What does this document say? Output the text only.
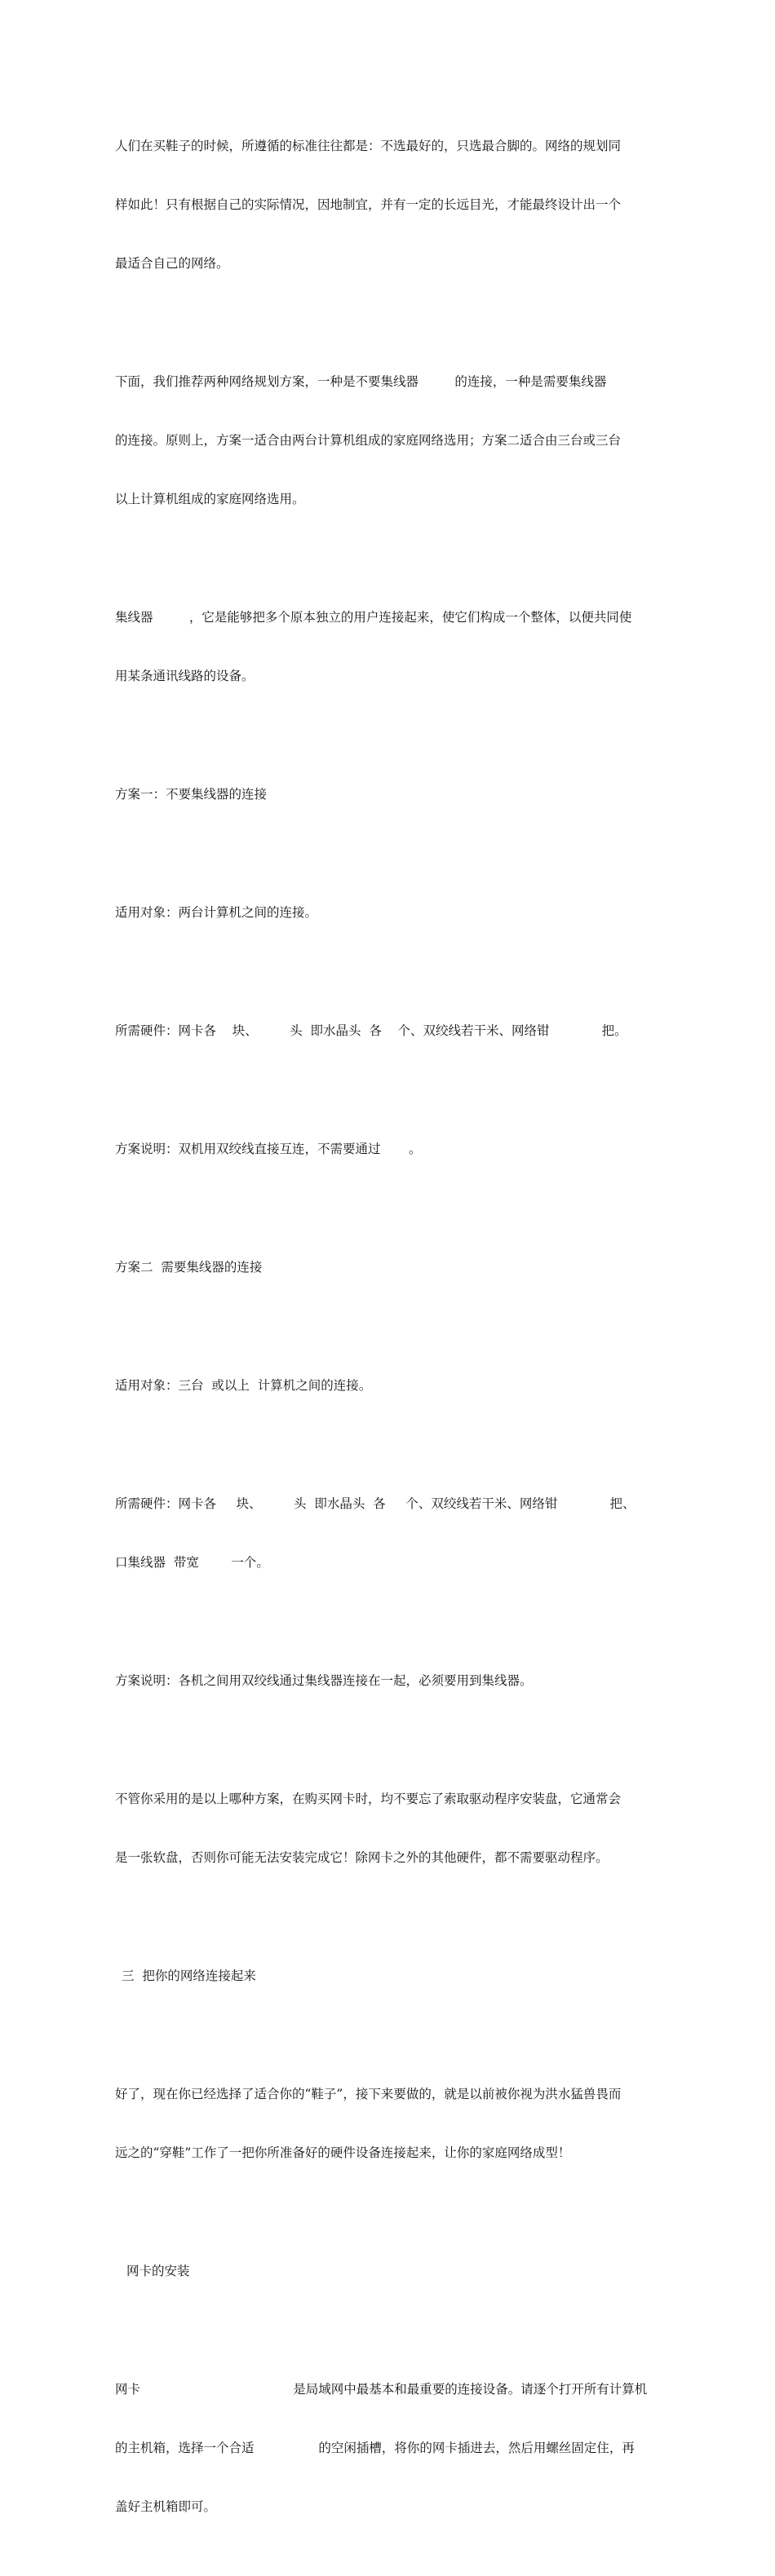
人们在买鞋子的时候，所遵循的标准往往都是：不选最好的，只选最合脚的。网络的规划同

样如此！只有根据自己的实际情况，因地制宜，并有一定的长远目光，才能最终设计出一个

最适合自己的网络。

下面，我们推荐两种网络规划方案，一种是不要集线器         的连接，一种是需要集线器

的连接。原则上，方案一适合由两台计算机组成的家庭网络选用；方案二适合由三台或三台

以上计算机组成的家庭网络选用。

集线器         ，它是能够把多个原本独立的用户连接起来，使它们构成一个整体，以便共同使

用某条通讯线路的设备。

方案一：不要集线器的连接

适用对象：两台计算机之间的连接。

所需硬件：网卡各    块、        头  即水晶头  各    个、双绞线若干米、网络钳             把。

方案说明：双机用双绞线直接互连，不需要通过       。

方案二  需要集线器的连接

适用对象：三台  或以上  计算机之间的连接。

所需硬件：网卡各     块、        头  即水晶头  各     个、双绞线若干米、网络钳             把、

口集线器  带宽        一个。

方案说明：各机之间用双绞线通过集线器连接在一起，必须要用到集线器。

不管你采用的是以上哪种方案，在购买网卡时，均不要忘了索取驱动程序安装盘，它通常会

是一张软盘，否则你可能无法安装完成它！除网卡之外的其他硬件，都不需要驱动程序。

三  把你的网络连接起来

好了，现在你已经选择了适合你的“鞋子”，接下来要做的，就是以前被你视为洪水猛兽畏而

远之的“穿鞋”工作了一把你所准备好的硬件设备连接起来，让你的家庭网络成型！

网卡的安装

网卡                                      是局域网中最基本和最重要的连接设备。请逐个打开所有计算机

的主机箱，选择一个合适                的空闲插槽，将你的网卡插进去，然后用螺丝固定住，再

盖好主机箱即可。
